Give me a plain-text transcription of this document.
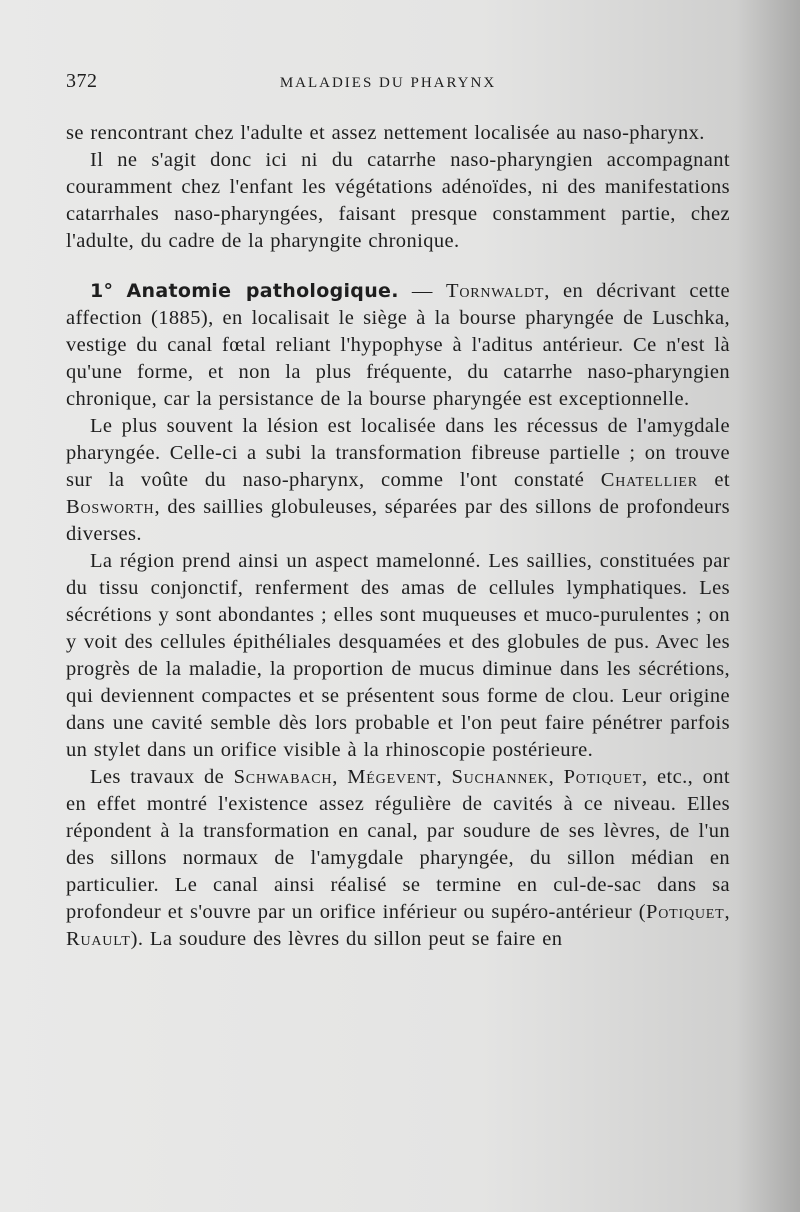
372	MALADIES DU PHARYNX

se rencontrant chez l'adulte et assez nettement localisée au naso-pharynx.

Il ne s'agit donc ici ni du catarrhe naso-pharyngien accompagnant couramment chez l'enfant les végétations adénoïdes, ni des manifestations catarrhales naso-pharyngées, faisant presque constamment partie, chez l'adulte, du cadre de la pharyngite chronique.

1° Anatomie pathologique. — Tornwaldt, en décrivant cette affection (1885), en localisait le siège à la bourse pharyngée de Luschka, vestige du canal fœtal reliant l'hypophyse à l'aditus antérieur. Ce n'est là qu'une forme, et non la plus fréquente, du catarrhe naso-pharyngien chronique, car la persistance de la bourse pharyngée est exceptionnelle.

Le plus souvent la lésion est localisée dans les récessus de l'amygdale pharyngée. Celle-ci a subi la transformation fibreuse partielle ; on trouve sur la voûte du naso-pharynx, comme l'ont constaté Chatellier et Bosworth, des saillies globuleuses, séparées par des sillons de profondeurs diverses.

La région prend ainsi un aspect mamelonné. Les saillies, constituées par du tissu conjonctif, renferment des amas de cellules lymphatiques. Les sécrétions y sont abondantes ; elles sont muqueuses et muco-purulentes ; on y voit des cellules épithéliales desquamées et des globules de pus. Avec les progrès de la maladie, la proportion de mucus diminue dans les sécrétions, qui deviennent compactes et se présentent sous forme de clou. Leur origine dans une cavité semble dès lors probable et l'on peut faire pénétrer parfois un stylet dans un orifice visible à la rhinoscopie postérieure.

Les travaux de Schwabach, Mégevent, Suchannek, Potiquet, etc., ont en effet montré l'existence assez régulière de cavités à ce niveau. Elles répondent à la transformation en canal, par soudure de ses lèvres, de l'un des sillons normaux de l'amygdale pharyngée, du sillon médian en particulier. Le canal ainsi réalisé se termine en cul-de-sac dans sa profondeur et s'ouvre par un orifice inférieur ou supéro-antérieur (Potiquet, Ruault). La soudure des lèvres du sillon peut se faire en
